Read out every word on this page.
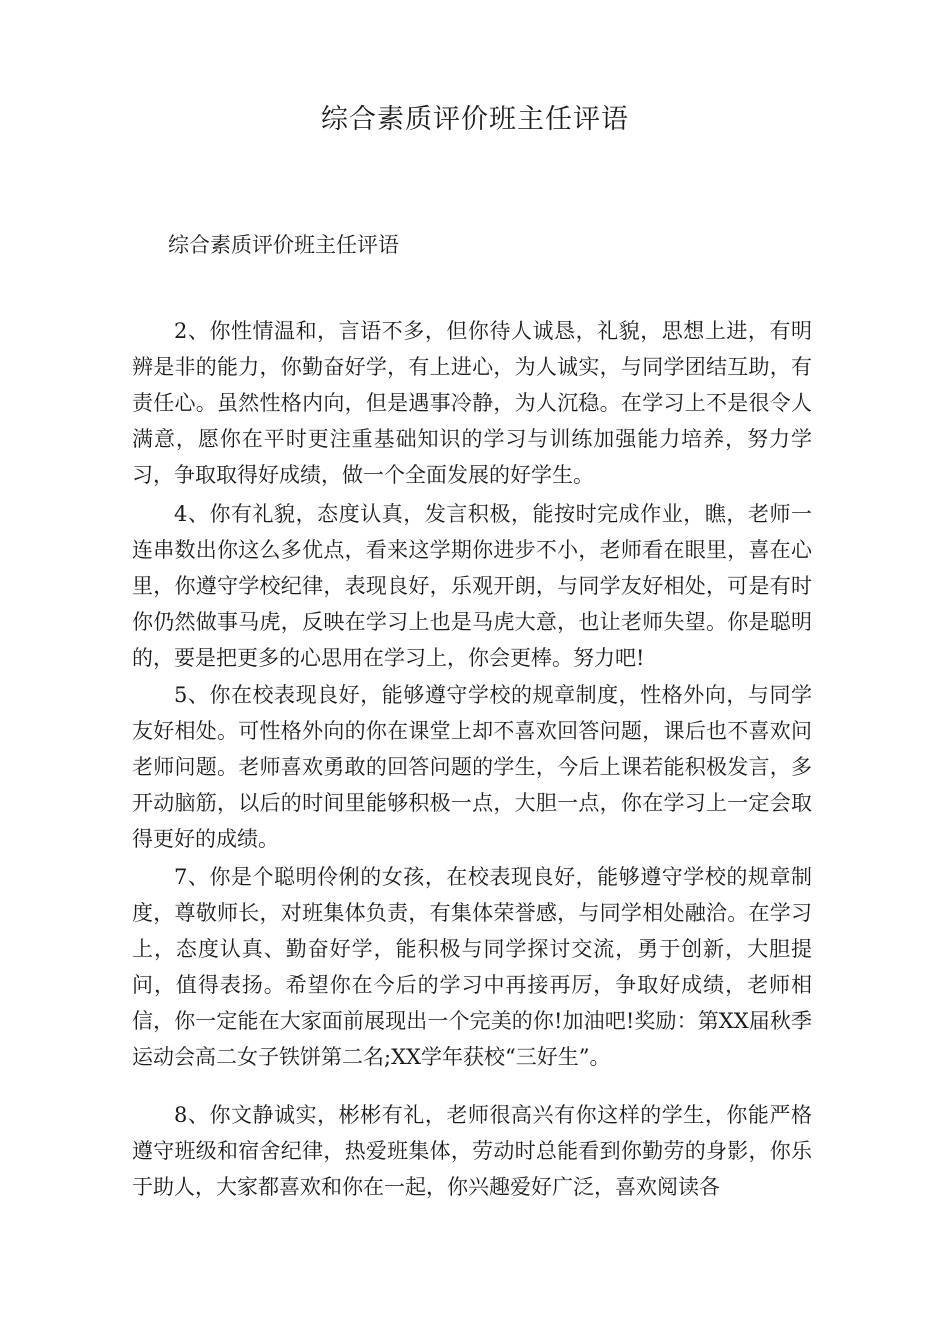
综合素质评价班主任评语
综合素质评价班主任评语

2、你性情温和，言语不多，但你待人诚恳，礼貌，思想上进，有明辨是非的能力，你勤奋好学，有上进心，为人诚实，与同学团结互助，有责任心。虽然性格内向，但是遇事冷静，为人沉稳。在学习上不是很令人满意，愿你在平时更注重基础知识的学习与训练加强能力培养，努力学习，争取取得好成绩，做一个全面发展的好学生。

4、你有礼貌，态度认真，发言积极，能按时完成作业，瞧，老师一连串数出你这么多优点，看来这学期你进步不小，老师看在眼里，喜在心里，你遵守学校纪律，表现良好，乐观开朗，与同学友好相处，可是有时你仍然做事马虎，反映在学习上也是马虎大意，也让老师失望。你是聪明的，要是把更多的心思用在学习上，你会更棒。努力吧!

5、你在校表现良好，能够遵守学校的规章制度，性格外向，与同学友好相处。可性格外向的你在课堂上却不喜欢回答问题，课后也不喜欢问老师问题。老师喜欢勇敢的回答问题的学生，今后上课若能积极发言，多开动脑筋，以后的时间里能够积极一点，大胆一点，你在学习上一定会取得更好的成绩。

7、你是个聪明伶俐的女孩，在校表现良好，能够遵守学校的规章制度，尊敬师长，对班集体负责，有集体荣誉感，与同学相处融洽。在学习上，态度认真、勤奋好学，能积极与同学探讨交流，勇于创新，大胆提问，值得表扬。希望你在今后的学习中再接再厉，争取好成绩，老师相信，你一定能在大家面前展现出一个完美的你!加油吧!奖励：第XX届秋季运动会高二女子铁饼第二名;XX学年获校“三好生”。

8、你文静诚实，彬彬有礼，老师很高兴有你这样的学生，你能严格遵守班级和宿舍纪律，热爱班集体，劳动时总能看到你勤劳的身影，你乐于助人，大家都喜欢和你在一起，你兴趣爱好广泛，喜欢阅读各
